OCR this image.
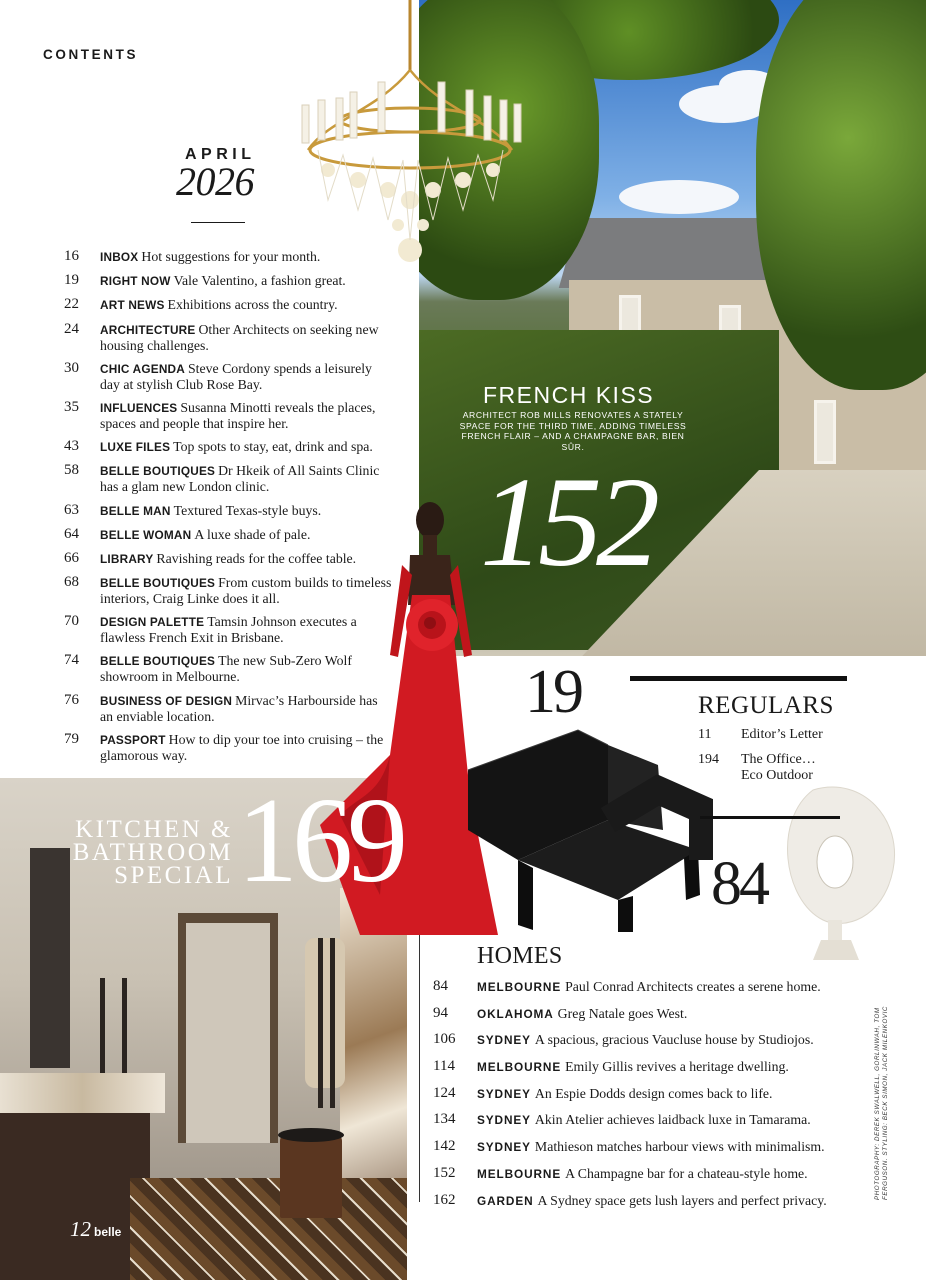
CONTENTS
APRIL
2026
16	INBOX Hot suggestions for your month.
19	RIGHT NOW Vale Valentino, a fashion great.
22	ART NEWS Exhibitions across the country.
24	ARCHITECTURE Other Architects on seeking new housing challenges.
30	CHIC AGENDA Steve Cordony spends a leisurely day at stylish Club Rose Bay.
35	INFLUENCES Susanna Minotti reveals the places, spaces and people that inspire her.
43	LUXE FILES Top spots to stay, eat, drink and spa.
58	BELLE BOUTIQUES Dr Hkeik of All Saints Clinic has a glam new London clinic.
63	BELLE MAN Textured Texas-style buys.
64	BELLE WOMAN A luxe shade of pale.
66	LIBRARY Ravishing reads for the coffee table.
68	BELLE BOUTIQUES From custom builds to timeless interiors, Craig Linke does it all.
70	DESIGN PALETTE Tamsin Johnson executes a flawless French Exit in Brisbane.
74	BELLE BOUTIQUES The new Sub-Zero Wolf showroom in Melbourne.
76	BUSINESS OF DESIGN Mirvac’s Harbourside has an enviable location.
79	PASSPORT How to dip your toe into cruising – the glamorous way.
FRENCH KISS
ARCHITECT ROB MILLS RENOVATES A STATELY SPACE FOR THE THIRD TIME, ADDING TIMELESS FRENCH FLAIR – AND A CHAMPAGNE BAR, BIEN SÛR.
152
19
84
KITCHEN &
BATHROOM
SPECIAL 169
REGULARS
11	Editor’s Letter
194	The Office… Eco Outdoor
HOMES
84	MELBOURNE Paul Conrad Architects creates a serene home.
94	OKLAHOMA Greg Natale goes West.
106	SYDNEY A spacious, gracious Vaucluse house by Studiojos.
114	MELBOURNE Emily Gillis revives a heritage dwelling.
124	SYDNEY An Espie Dodds design comes back to life.
134	SYDNEY Akin Atelier achieves laidback luxe in Tamarama.
142	SYDNEY Mathieson matches harbour views with minimalism.
152	MELBOURNE A Champagne bar for a chateau-style home.
162	GARDEN A Sydney space gets lush layers and perfect privacy.	PHOTOGRAPHY: DEREK SWALWELL, GORLINWAH, TOM FERGUSON. STYLING: BECK SIMON, JACK MILENKOVIC
12 belle
